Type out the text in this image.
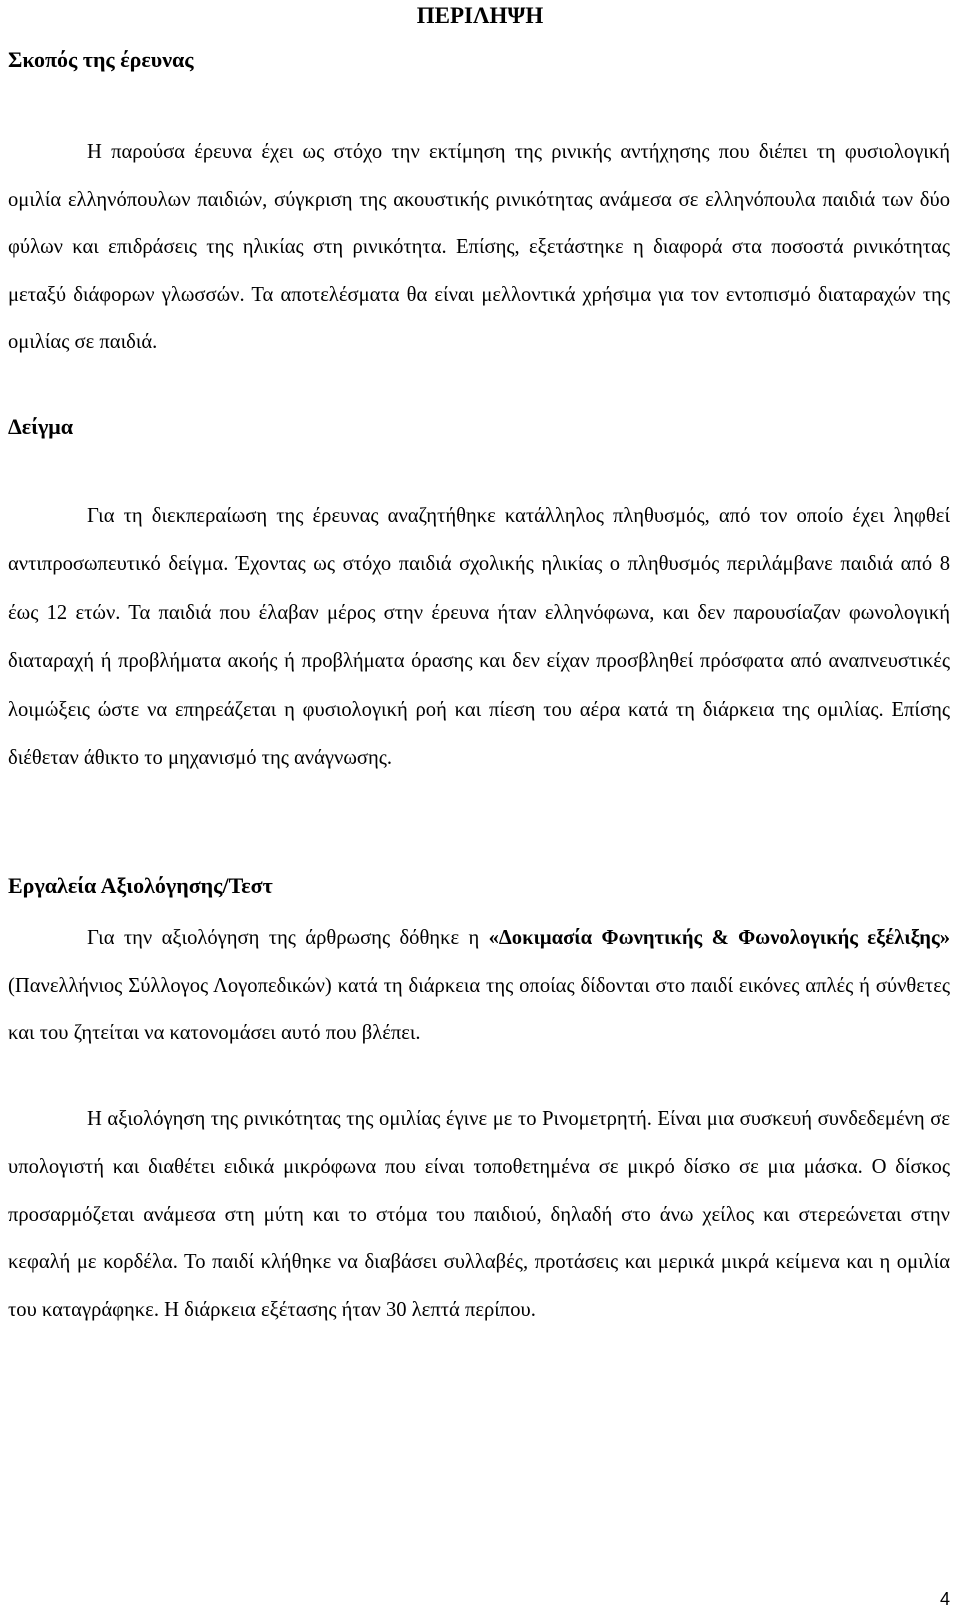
ΠΕΡΙΛΗΨΗ
Σκοπός της έρευνας

Η παρούσα έρευνα έχει ως στόχο την εκτίμηση της ρινικής αντήχησης που διέπει τη φυσιολογική ομιλία ελληνόπουλων παιδιών, σύγκριση της ακουστικής ρινικότητας ανάμεσα σε ελληνόπουλα παιδιά των δύο φύλων και επιδράσεις της ηλικίας στη ρινικότητα. Επίσης, εξετάστηκε η διαφορά στα ποσοστά ρινικότητας μεταξύ διάφορων γλωσσών. Τα αποτελέσματα θα είναι μελλοντικά χρήσιμα για τον εντοπισμό διαταραχών της ομιλίας σε παιδιά.

Δείγμα

Για τη διεκπεραίωση της έρευνας αναζητήθηκε κατάλληλος πληθυσμός, από τον οποίο έχει ληφθεί αντιπροσωπευτικό δείγμα. Έχοντας ως στόχο παιδιά σχολικής ηλικίας ο πληθυσμός περιλάμβανε παιδιά από 8 έως 12 ετών. Τα παιδιά που έλαβαν μέρος στην έρευνα ήταν ελληνόφωνα, και δεν παρουσίαζαν φωνολογική διαταραχή ή προβλήματα ακοής ή προβλήματα όρασης και δεν είχαν προσβληθεί πρόσφατα από αναπνευστικές λοιμώξεις ώστε να επηρεάζεται η φυσιολογική ροή και πίεση του αέρα κατά τη διάρκεια της ομιλίας. Επίσης διέθεταν άθικτο το μηχανισμό της ανάγνωσης.

Εργαλεία Αξιολόγησης/Τεστ

Για την αξιολόγηση της άρθρωσης δόθηκε η «Δοκιμασία Φωνητικής & Φωνολογικής εξέλιξης» (Πανελλήνιος Σύλλογος Λογοπεδικών) κατά τη διάρκεια της οποίας δίδονται στο παιδί εικόνες απλές ή σύνθετες και του ζητείται να κατονομάσει αυτό που βλέπει.

Η αξιολόγηση της ρινικότητας της ομιλίας έγινε με το Ρινομετρητή. Είναι μια συσκευή συνδεδεμένη σε υπολογιστή και διαθέτει ειδικά μικρόφωνα που είναι τοποθετημένα σε μικρό δίσκο σε μια μάσκα. Ο δίσκος προσαρμόζεται ανάμεσα στη μύτη και το στόμα του παιδιού, δηλαδή στο άνω χείλος και στερεώνεται στην κεφαλή με κορδέλα. Το παιδί κλήθηκε να διαβάσει συλλαβές, προτάσεις και μερικά μικρά κείμενα και η ομιλία του καταγράφηκε. Η διάρκεια εξέτασης ήταν 30 λεπτά περίπου.

4
